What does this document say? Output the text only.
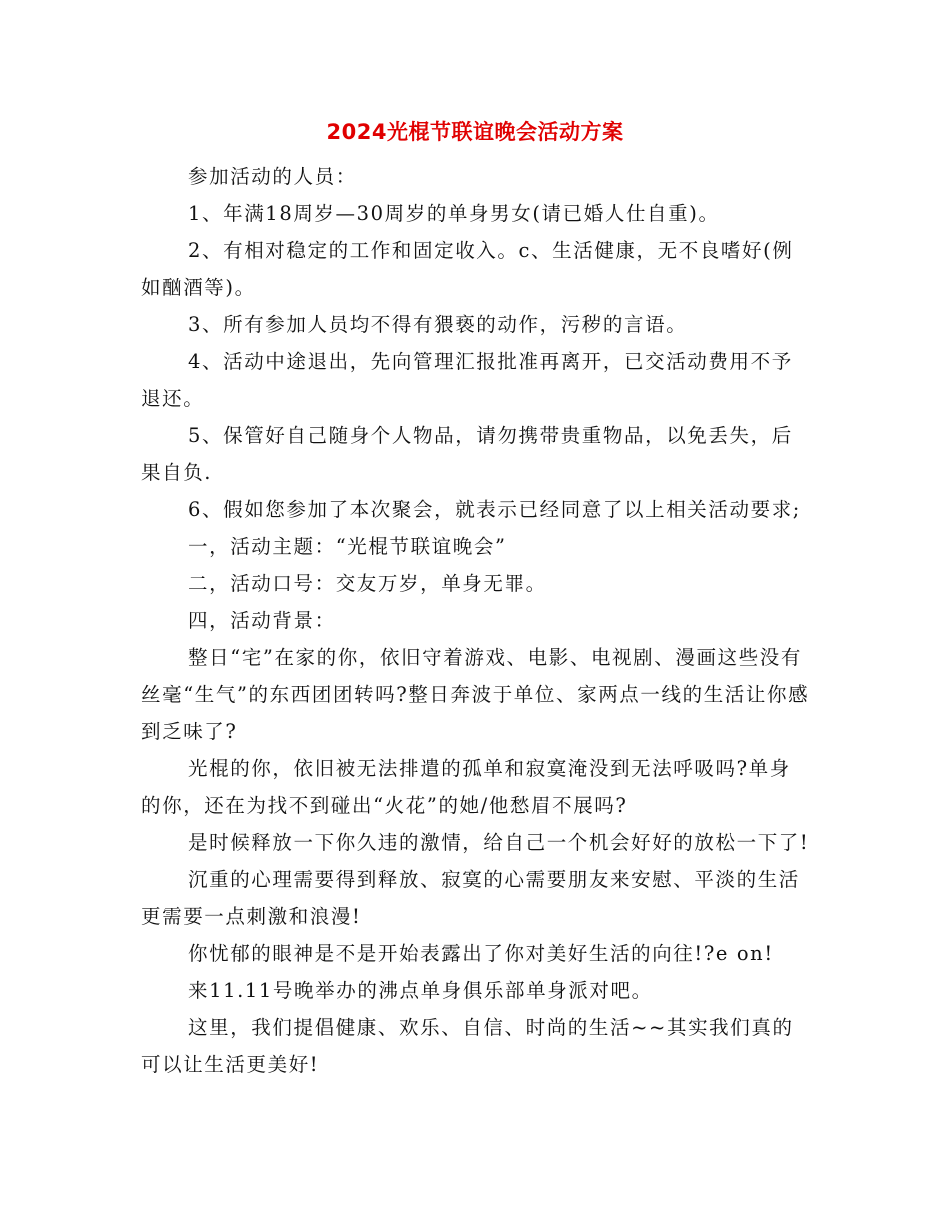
2024光棍节联谊晚会活动方案

参加活动的人员：

1、年满18周岁—30周岁的单身男女(请已婚人仕自重)。

2、有相对稳定的工作和固定收入。c、生活健康，无不良嗜好(例如酗酒等)。

3、所有参加人员均不得有猥亵的动作，污秽的言语。

4、活动中途退出，先向管理汇报批准再离开，已交活动费用不予退还。

5、保管好自己随身个人物品，请勿携带贵重物品，以免丢失，后果自负.

6、假如您参加了本次聚会，就表示已经同意了以上相关活动要求;

一，活动主题：“光棍节联谊晚会”

二，活动口号：交友万岁，单身无罪。

四，活动背景：

整日“宅”在家的你，依旧守着游戏、电影、电视剧、漫画这些没有丝毫“生气”的东西团团转吗?整日奔波于单位、家两点一线的生活让你感到乏味了?

光棍的你，依旧被无法排遣的孤单和寂寞淹没到无法呼吸吗?单身的你，还在为找不到碰出“火花”的她/他愁眉不展吗?

是时候释放一下你久违的激情，给自己一个机会好好的放松一下了!

沉重的心理需要得到释放、寂寞的心需要朋友来安慰、平淡的生活更需要一点刺激和浪漫!

你忧郁的眼神是不是开始表露出了你对美好生活的向往!?e on!

来11.11号晚举办的沸点单身俱乐部单身派对吧。

这里，我们提倡健康、欢乐、自信、时尚的生活~~其实我们真的可以让生活更美好!
